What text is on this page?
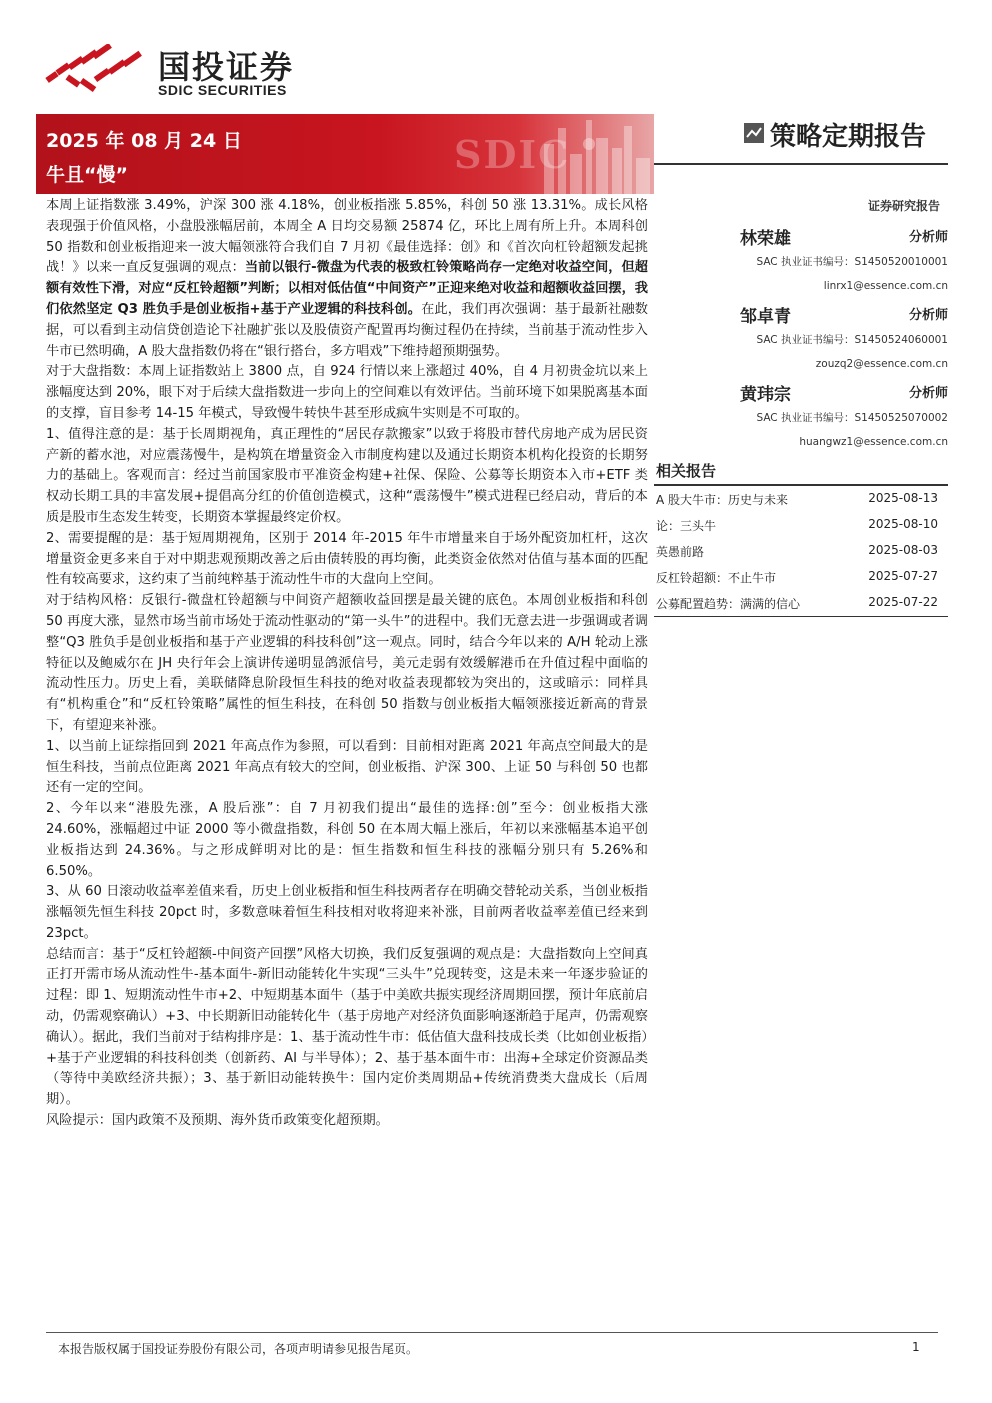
国投证券
SDIC SECURITIES
SDIC
2025 年 08 月 24 日
牛且“慢”
策略定期报告
证券研究报告
林荣雄	分析师
SAC 执业证书编号：S1450520010001
linrx1@essence.com.cn
邹卓青	分析师
SAC 执业证书编号：S1450524060001
zouzq2@essence.com.cn
黄玮宗	分析师
SAC 执业证书编号：S1450525070002
huangwz1@essence.com.cn
相关报告
A 股大牛市：历史与未来	2025-08-13
论：三头牛	2025-08-10
英愚前路	2025-08-03
反杠铃超额：不止牛市	2025-07-27
公募配置趋势：满满的信心	2025-07-22

本周上证指数涨 3.49%，沪深 300 涨 4.18%，创业板指涨 5.85%，科创 50 涨 13.31%。成长风格表现强于价值风格，小盘股涨幅居前，本周全 A 日均交易额 25874 亿，环比上周有所上升。本周科创 50 指数和创业板指迎来一波大幅领涨符合我们自 7 月初《最佳选择：创》和《首次向杠铃超额发起挑战！》以来一直反复强调的观点：当前以银行-微盘为代表的极致杠铃策略尚存一定绝对收益空间，但超额有效性下滑，对应“反杠铃超额”判断；以相对低估值“中间资产”正迎来绝对收益和超额收益回摆，我们依然坚定 Q3 胜负手是创业板指+基于产业逻辑的科技科创。在此，我们再次强调：基于最新社融数据，可以看到主动信贷创造论下社融扩张以及股债资产配置再均衡过程仍在持续，当前基于流动性步入牛市已然明确，A 股大盘指数仍将在“银行搭台，多方唱戏”下维持超预期强势。

对于大盘指数：本周上证指数站上 3800 点，自 924 行情以来上涨超过 40%，自 4 月初贵金坑以来上涨幅度达到 20%，眼下对于后续大盘指数进一步向上的空间难以有效评估。当前环境下如果脱离基本面的支撑，盲目参考 14-15 年模式，导致慢牛转快牛甚至形成疯牛实则是不可取的。

1、值得注意的是：基于长周期视角，真正理性的“居民存款搬家”以致于将股市替代房地产成为居民资产新的蓄水池，对应震荡慢牛，是构筑在增量资金入市制度构建以及通过长期资本机构化投资的长期努力的基础上。客观而言：经过当前国家股市平准资金构建+社保、保险、公募等长期资本入市+ETF 类权动长期工具的丰富发展+提倡高分红的价值创造模式，这种“震荡慢牛”模式进程已经启动，背后的本质是股市生态发生转变，长期资本掌握最终定价权。

2、需要提醒的是：基于短周期视角，区别于 2014 年-2015 年牛市增量来自于场外配资加杠杆，这次增量资金更多来自于对中期悲观预期改善之后由债转股的再均衡，此类资金依然对估值与基本面的匹配性有较高要求，这约束了当前纯粹基于流动性牛市的大盘向上空间。

对于结构风格：反银行-微盘杠铃超额与中间资产超额收益回摆是最关键的底色。本周创业板指和科创 50 再度大涨，显然市场当前市场处于流动性驱动的“第一头牛”的进程中。我们无意去进一步强调或者调整“Q3 胜负手是创业板指和基于产业逻辑的科技科创”这一观点。同时，结合今年以来的 A/H 轮动上涨特征以及鲍威尔在 JH 央行年会上演讲传递明显鸽派信号，美元走弱有效缓解港币在升值过程中面临的流动性压力。历史上看，美联储降息阶段恒生科技的绝对收益表现都较为突出的，这或暗示：同样具有“机构重仓”和“反杠铃策略”属性的恒生科技，在科创 50 指数与创业板指大幅领涨接近新高的背景下，有望迎来补涨。

1、以当前上证综指回到 2021 年高点作为参照，可以看到：目前相对距离 2021 年高点空间最大的是恒生科技，当前点位距离 2021 年高点有较大的空间，创业板指、沪深 300、上证 50 与科创 50 也都还有一定的空间。

2、今年以来“港股先涨，A 股后涨”：自 7 月初我们提出“最佳的选择:创”至今：创业板指大涨 24.60%，涨幅超过中证 2000 等小微盘指数，科创 50 在本周大幅上涨后，年初以来涨幅基本追平创业板指达到 24.36%。与之形成鲜明对比的是：恒生指数和恒生科技的涨幅分别只有 5.26%和 6.50%。

3、从 60 日滚动收益率差值来看，历史上创业板指和恒生科技两者存在明确交替轮动关系，当创业板指涨幅领先恒生科技 20pct 时，多数意味着恒生科技相对收将迎来补涨，目前两者收益率差值已经来到 23pct。

总结而言：基于“反杠铃超额-中间资产回摆”风格大切换，我们反复强调的观点是：大盘指数向上空间真正打开需市场从流动性牛-基本面牛-新旧动能转化牛实现“三头牛”兑现转变，这是未来一年逐步验证的过程：即 1、短期流动性牛市+2、中短期基本面牛（基于中美欧共振实现经济周期回摆，预计年底前启动，仍需观察确认）+3、中长期新旧动能转化牛（基于房地产对经济负面影响逐渐趋于尾声，仍需观察确认）。据此，我们当前对于结构排序是：1、基于流动性牛市：低估值大盘科技成长类（比如创业板指）+基于产业逻辑的科技科创类（创新药、AI 与半导体）；2、基于基本面牛市：出海+全球定价资源品类（等待中美欧经济共振）；3、基于新旧动能转换牛：国内定价类周期品+传统消费类大盘成长（后周期）。

风险提示：国内政策不及预期、海外货币政策变化超预期。

本报告版权属于国投证券股份有限公司，各项声明请参见报告尾页。	1
